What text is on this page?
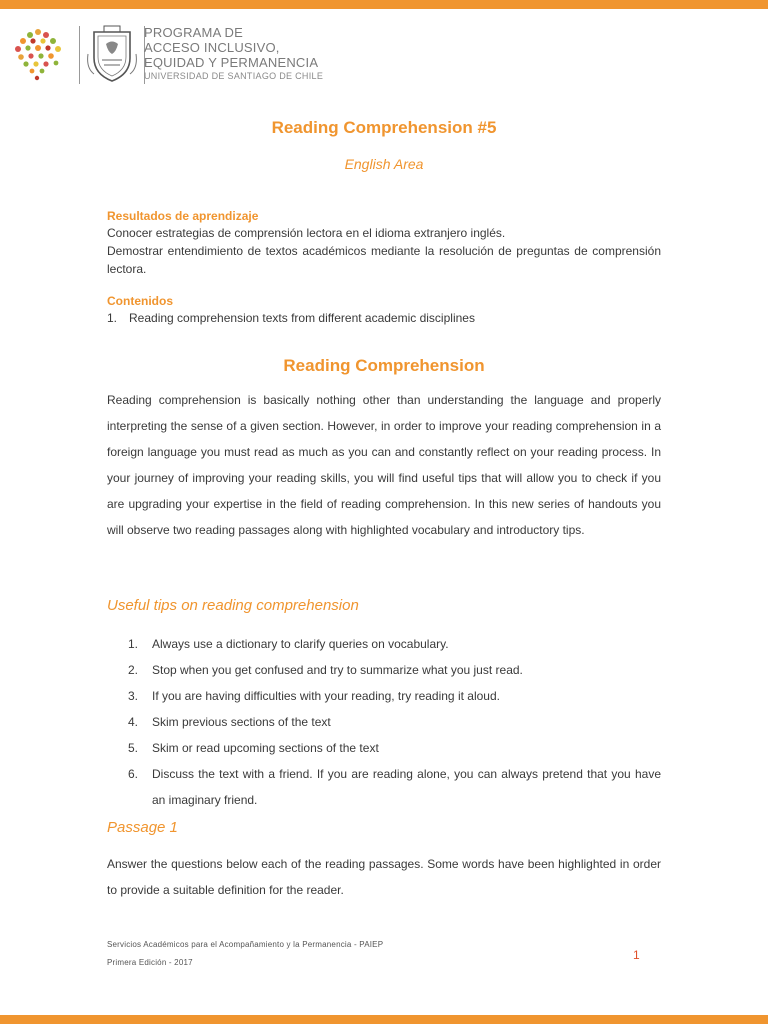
PROGRAMA DE
ACCESO INCLUSIVO,
EQUIDAD Y PERMANENCIA
UNIVERSIDAD DE SANTIAGO DE CHILE
Reading Comprehension #5
English Area
Resultados de aprendizaje
Conocer estrategias de comprensión lectora en el idioma extranjero inglés.
Demostrar entendimiento de textos académicos mediante la resolución de preguntas de comprensión lectora.
Contenidos
1. Reading comprehension texts from different academic disciplines
Reading Comprehension

Reading comprehension is basically nothing other than understanding the language and properly interpreting the sense of a given section. However, in order to improve your reading comprehension in a foreign language you must read as much as you can and constantly reflect on your reading process. In your journey of improving your reading skills, you will find useful tips that will allow you to check if you are upgrading your expertise in the field of reading comprehension. In this new series of handouts you will observe two reading passages along with highlighted vocabulary and introductory tips.

Useful tips on reading comprehension
1.	Always use a dictionary to clarify queries on vocabulary.
2.	Stop when you get confused and try to summarize what you just read.
3.	If you are having difficulties with your reading, try reading it aloud.
4.	Skim previous sections of the text
5.	Skim or read upcoming sections of the text
6.	Discuss the text with a friend. If you are reading alone, you can always pretend that you have an imaginary friend.
Passage 1

Answer the questions below each of the reading passages. Some words have been highlighted in order to provide a suitable definition for the reader.

Servicios Académicos para el Acompañamiento y la Permanencia - PAIEP
Primera Edición - 2017
1
